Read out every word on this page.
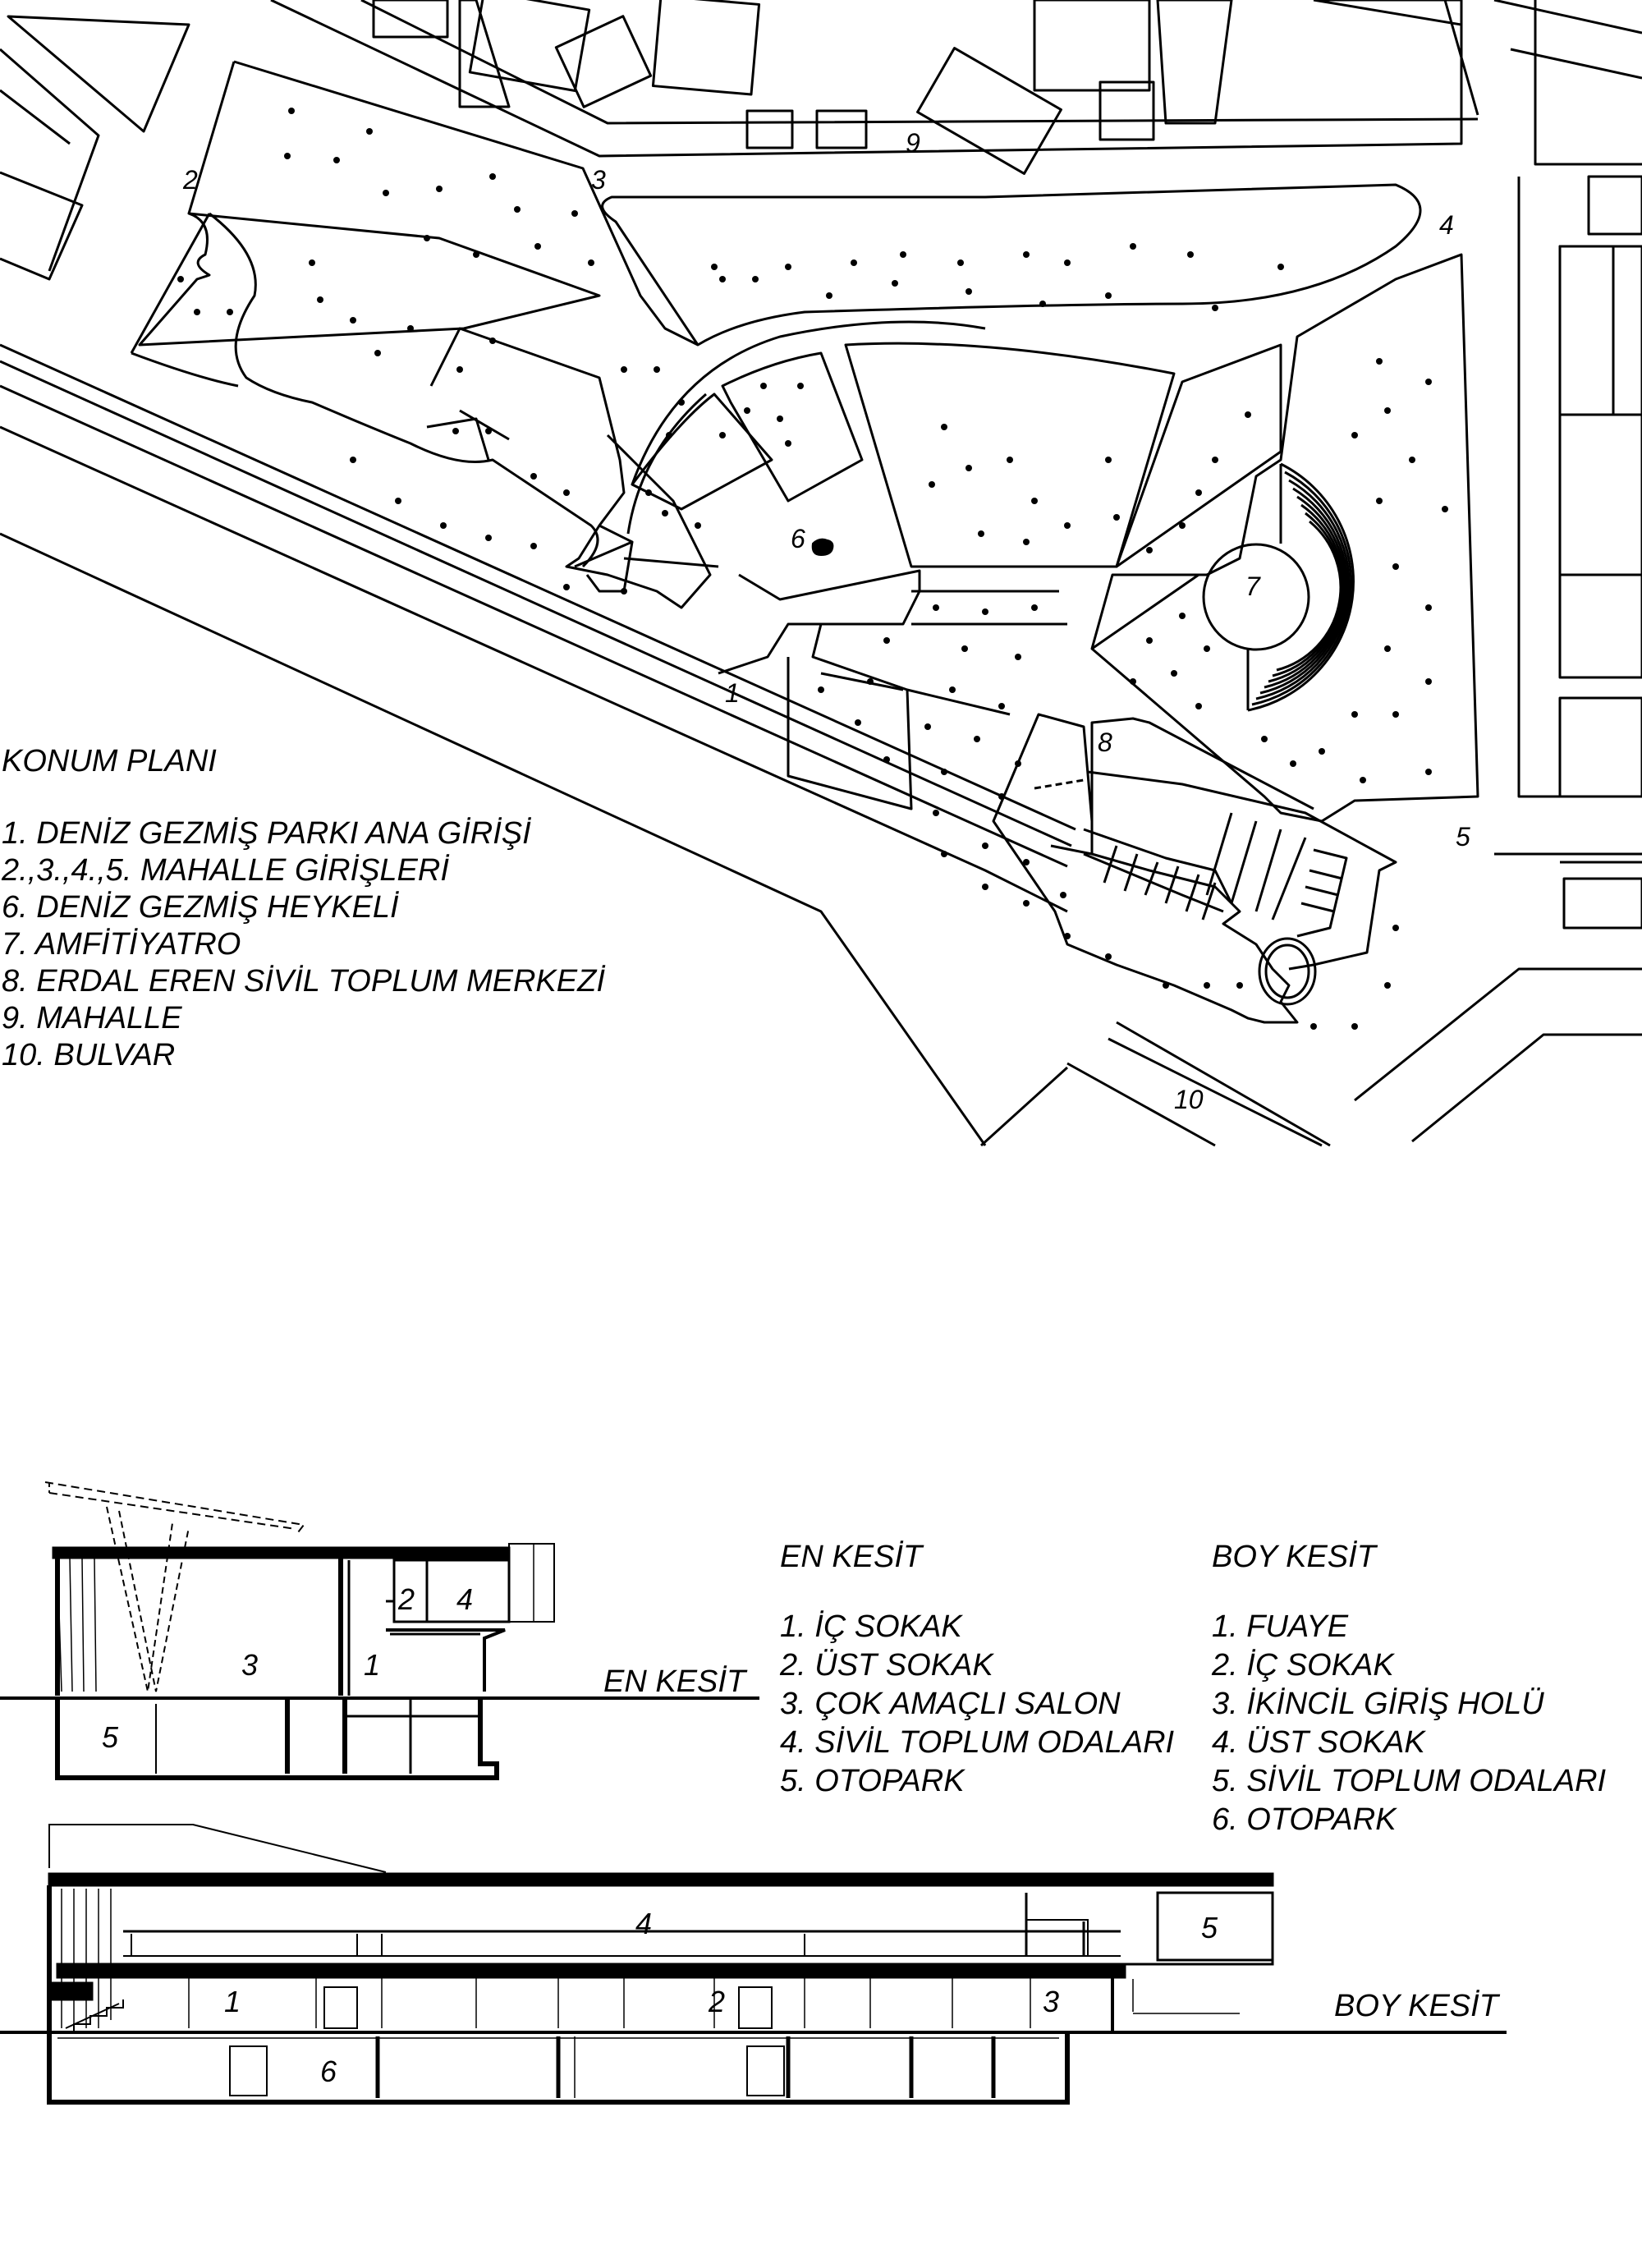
1
2	3
4
5
6
7
8
9
10
1
2
3
4
5
EN KESİT
1	2	3
4	5
6
BOY KESİT
KONUM PLANI
1. DENİZ GEZMİŞ PARKI ANA GİRİŞİ
2.,3.,4.,5. MAHALLE GİRİŞLERİ
6. DENİZ GEZMİŞ HEYKELİ
7. AMFİTİYATRO
8. ERDAL EREN SİVİL TOPLUM MERKEZİ
9. MAHALLE
10. BULVAR
EN KESİT
1. İÇ SOKAK
2. ÜST SOKAK
3. ÇOK AMAÇLI SALON
4. SİVİL TOPLUM ODALARI
5. OTOPARK
BOY KESİT
1. FUAYE
2. İÇ SOKAK
3. İKİNCİL GİRİŞ HOLÜ
4. ÜST SOKAK
5. SİVİL TOPLUM ODALARI
6. OTOPARK
